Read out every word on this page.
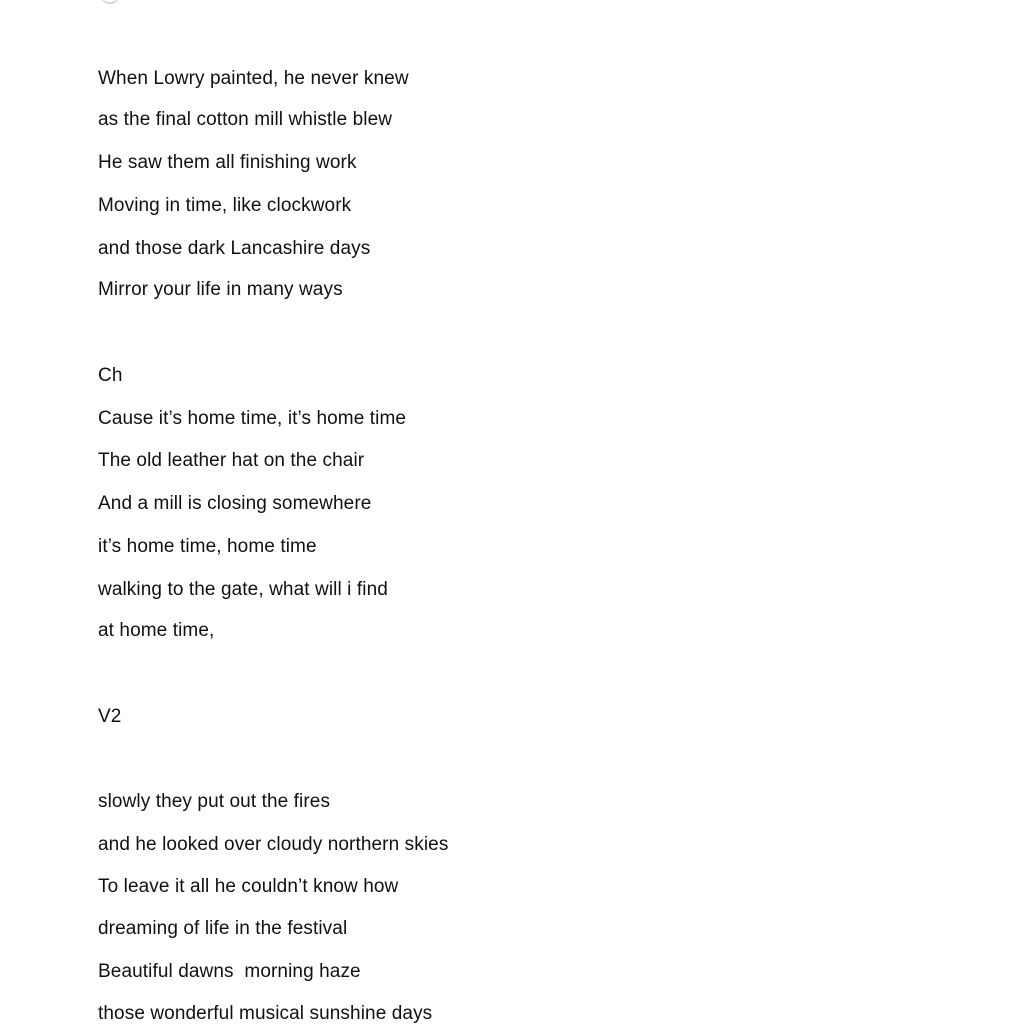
When Lowry painted, he never knew
as the final cotton mill whistle blew
He saw them all finishing work
Moving in time, like clockwork
and those dark Lancashire days
Mirror your life in many ways
Ch
Cause it’s home time, it’s home time
The old leather hat on the chair
And a mill is closing somewhere
it’s home time, home time
walking to the gate, what will i find
at home time,
V2
slowly they put out the fires
and he looked over cloudy northern skies
To leave it all he couldn’t know how
dreaming of life in the festival
Beautiful dawns  morning haze
those wonderful musical sunshine days
